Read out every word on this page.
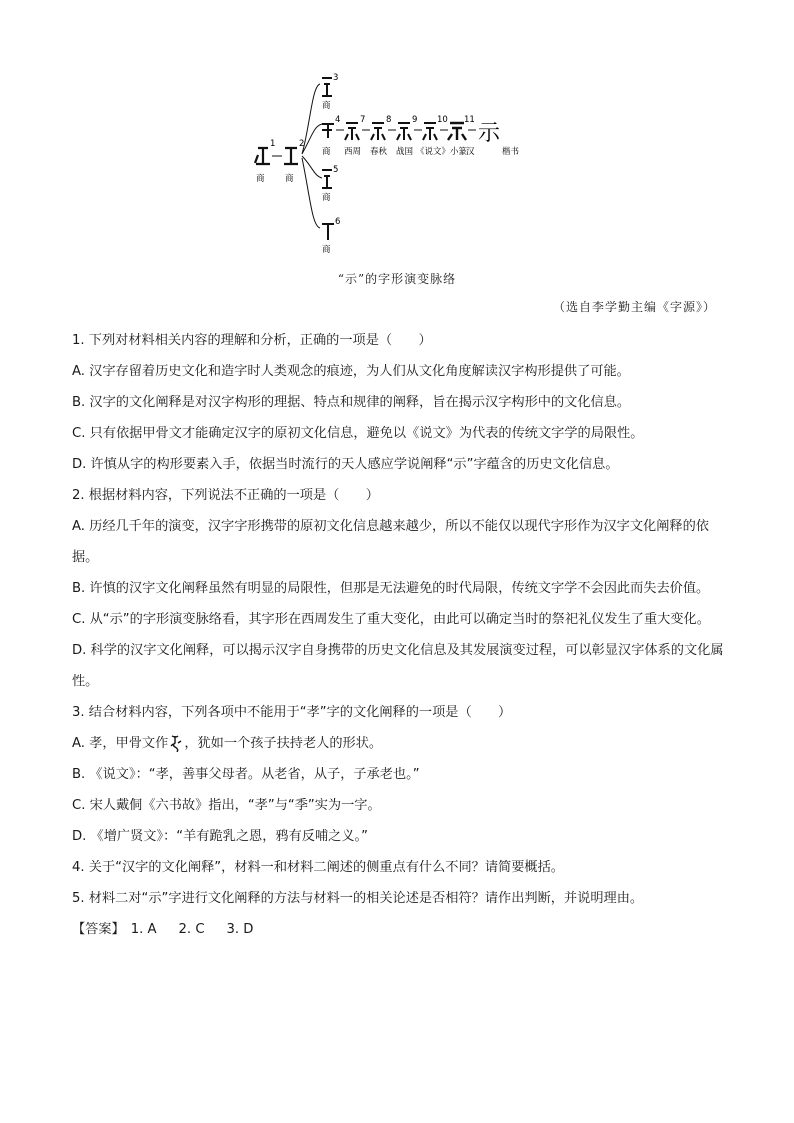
1
商
2
商
3
商
4
商
7
西周
8
春秋
9
战国
10
《说文》小篆
11
汉
示
楷书
5
商
6
商
“示”的字形演变脉络
（选自李学勤主编《字源》）
1. 下列对材料相关内容的理解和分析，正确的一项是（　　）
A. 汉字存留着历史文化和造字时人类观念的痕迹，为人们从文化角度解读汉字构形提供了可能。
B. 汉字的文化阐释是对汉字构形的理据、特点和规律的阐释，旨在揭示汉字构形中的文化信息。
C. 只有依据甲骨文才能确定汉字的原初文化信息，避免以《说文》为代表的传统文字学的局限性。
D. 许慎从字的构形要素入手，依据当时流行的天人感应学说阐释“示”字蕴含的历史文化信息。
2. 根据材料内容，下列说法不正确的一项是（　　）
A. 历经几千年的演变，汉字字形携带的原初文化信息越来越少，所以不能仅以现代字形作为汉字文化阐释的依据。
B. 许慎的汉字文化阐释虽然有明显的局限性，但那是无法避免的时代局限，传统文字学不会因此而失去价值。
C. 从“示”的字形演变脉络看，其字形在西周发生了重大变化，由此可以确定当时的祭祀礼仪发生了重大变化。
D. 科学的汉字文化阐释，可以揭示汉字自身携带的历史文化信息及其发展演变过程，可以彰显汉字体系的文化属性。
3. 结合材料内容，下列各项中不能用于“孝”字的文化阐释的一项是（　　）
A. 孝，甲骨文作 ，犹如一个孩子扶持老人的形状。
B. 《说文》：“孝，善事父母者。从老省，从子，子承老也。”
C. 宋人戴侗《六书故》指出，“孝”与“季”实为一字。
D. 《增广贤文》：“羊有跪乳之恩，鸦有反哺之义。”
4. 关于“汉字的文化阐释”，材料一和材料二阐述的侧重点有什么不同？请简要概括。
5. 材料二对“示”字进行文化阐释的方法与材料一的相关论述是否相符？请作出判断，并说明理由。
【答案】 1. A 2. C 3. D
